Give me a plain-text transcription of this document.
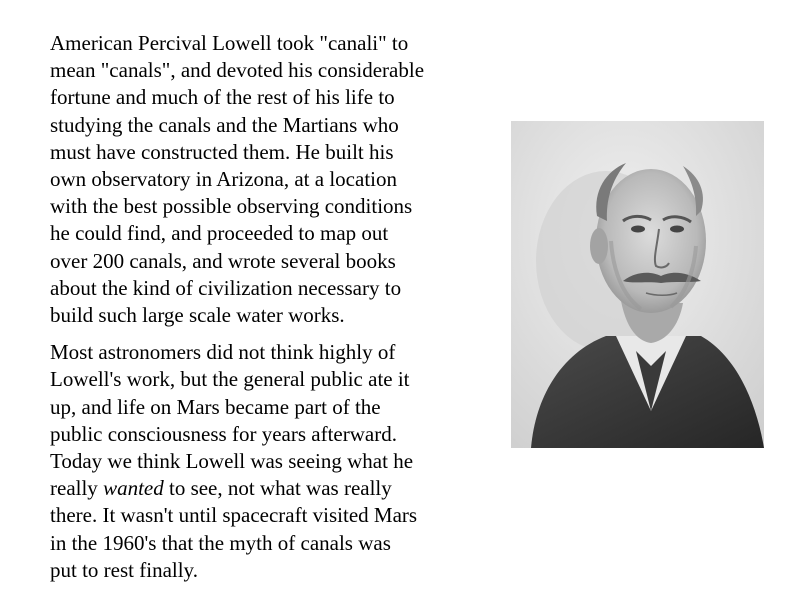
American Percival Lowell took "canali" to
mean "canals", and devoted his considerable
fortune and much of the rest of his life to
studying the canals and the Martians who
must have constructed them. He built his
own observatory in Arizona, at a location
with the best possible observing conditions
he could find, and proceeded to map out
over 200 canals, and wrote several books
about the kind of civilization necessary to
build such large scale water works.

Most astronomers did not think highly of
Lowell's work, but the general public ate it
up, and life on Mars became part of the
public consciousness for years afterward.
Today we think Lowell was seeing what he
really wanted to see, not what was really
there. It wasn't until spacecraft visited Mars
in the 1960's that the myth of canals was
put to rest finally.
